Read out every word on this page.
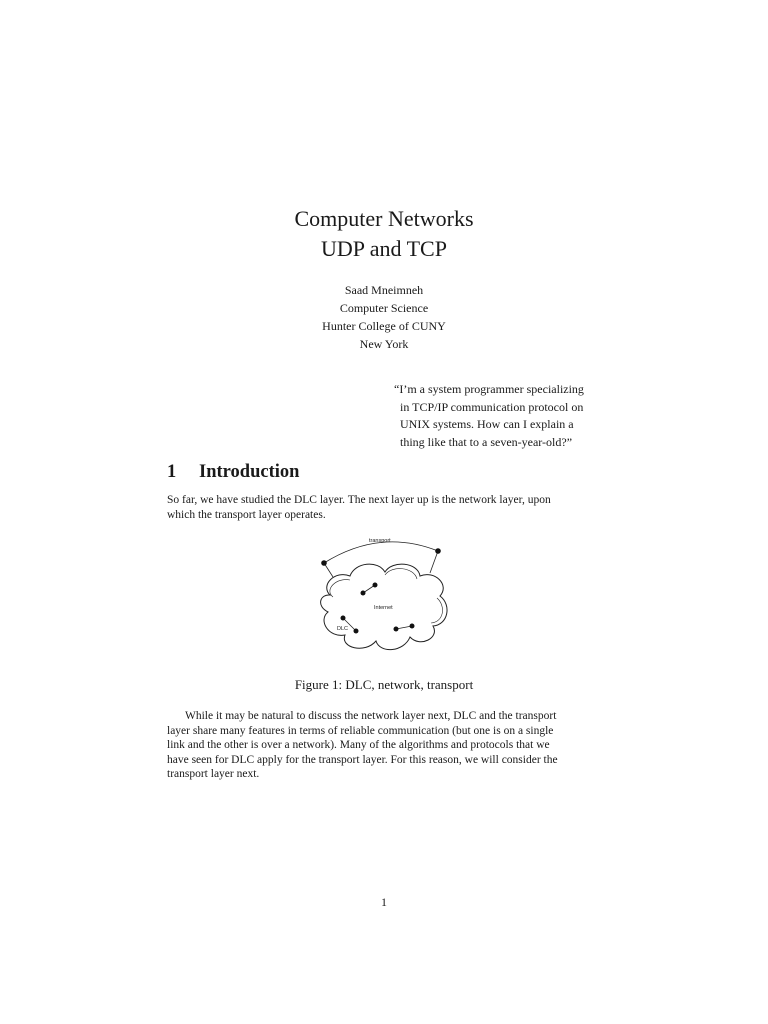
Computer Networks
UDP and TCP
Saad Mneimneh
Computer Science
Hunter College of CUNY
New York
“I’m a system programmer specializing
in TCP/IP communication protocol on
UNIX systems. How can I explain a
thing like that to a seven-year-old?”
1 Introduction
So far, we have studied the DLC layer. The next layer up is the network layer, upon
which the transport layer operates.
transport
Internet
DLC
Figure 1: DLC, network, transport
While it may be natural to discuss the network layer next, DLC and the transport
layer share many features in terms of reliable communication (but one is on a single
link and the other is over a network). Many of the algorithms and protocols that we
have seen for DLC apply for the transport layer. For this reason, we will consider the
transport layer next.
1
